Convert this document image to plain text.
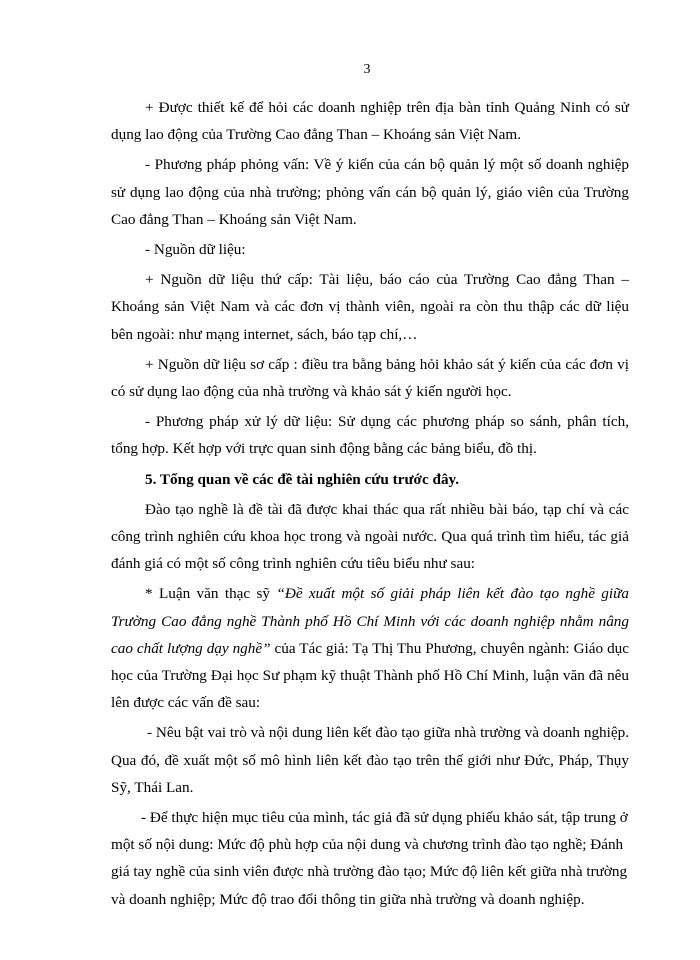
3

+ Được thiết kế để hỏi các doanh nghiệp trên địa bàn tỉnh Quảng Ninh có sử dụng lao động của Trường Cao đẳng Than – Khoáng sản Việt Nam.

- Phương pháp phỏng vấn: Về ý kiến của cán bộ quản lý một số doanh nghiệp sử dụng lao động của nhà trường; phỏng vấn cán bộ quản lý, giáo viên của Trường Cao đẳng Than – Khoáng sản Việt Nam.

- Nguồn dữ liệu:

+ Nguồn dữ liệu thứ cấp: Tài liệu, báo cáo của Trường Cao đẳng Than – Khoáng sản Việt Nam và các đơn vị thành viên, ngoài ra còn thu thập các dữ liệu bên ngoài: như mạng internet, sách, báo tạp chí,…

+ Nguồn dữ liệu sơ cấp : điều tra bằng bảng hỏi khảo sát ý kiến của các đơn vị có sử dụng lao động của nhà trường và khảo sát ý kiến người học.

- Phương pháp xử lý dữ liệu: Sử dụng các phương pháp so sánh, phân tích, tổng hợp. Kết hợp với trực quan sinh động bằng các bảng biểu, đồ thị.

5. Tổng quan về các đề tài nghiên cứu trước đây.

Đào tạo nghề là đề tài đã được khai thác qua rất nhiều bài báo, tạp chí và các công trình nghiên cứu khoa học trong và ngoài nước. Qua quá trình tìm hiểu, tác giả đánh giá có một số công trình nghiên cứu tiêu biểu như sau:

* Luận văn thạc sỹ “Đề xuất một số giải pháp liên kết đào tạo nghề giữa Trường Cao đẳng nghề Thành phố Hồ Chí Minh với các doanh nghiệp nhằm nâng cao chất lượng dạy nghề” của Tác giả: Tạ Thị Thu Phương, chuyên ngành: Giáo dục học của Trường Đại học Sư phạm kỹ thuật Thành phố Hồ Chí Minh, luận văn đã nêu lên được các vấn đề sau:

- Nêu bật vai trò và nội dung liên kết đào tạo giữa nhà trường và doanh nghiệp. Qua đó, đề xuất một số mô hình liên kết đào tạo trên thế giới như Đức, Pháp, Thụy Sỹ, Thái Lan.

- Để thực hiện mục tiêu của mình, tác giả đã sử dụng phiếu khảo sát, tập trung ở một số nội dung: Mức độ phù hợp của nội dung và chương trình đào tạo nghề; Đánh giá tay nghề của sinh viên được nhà trường đào tạo; Mức độ liên kết giữa nhà trường và doanh nghiệp; Mức độ trao đổi thông tin giữa nhà trường và doanh nghiệp.
